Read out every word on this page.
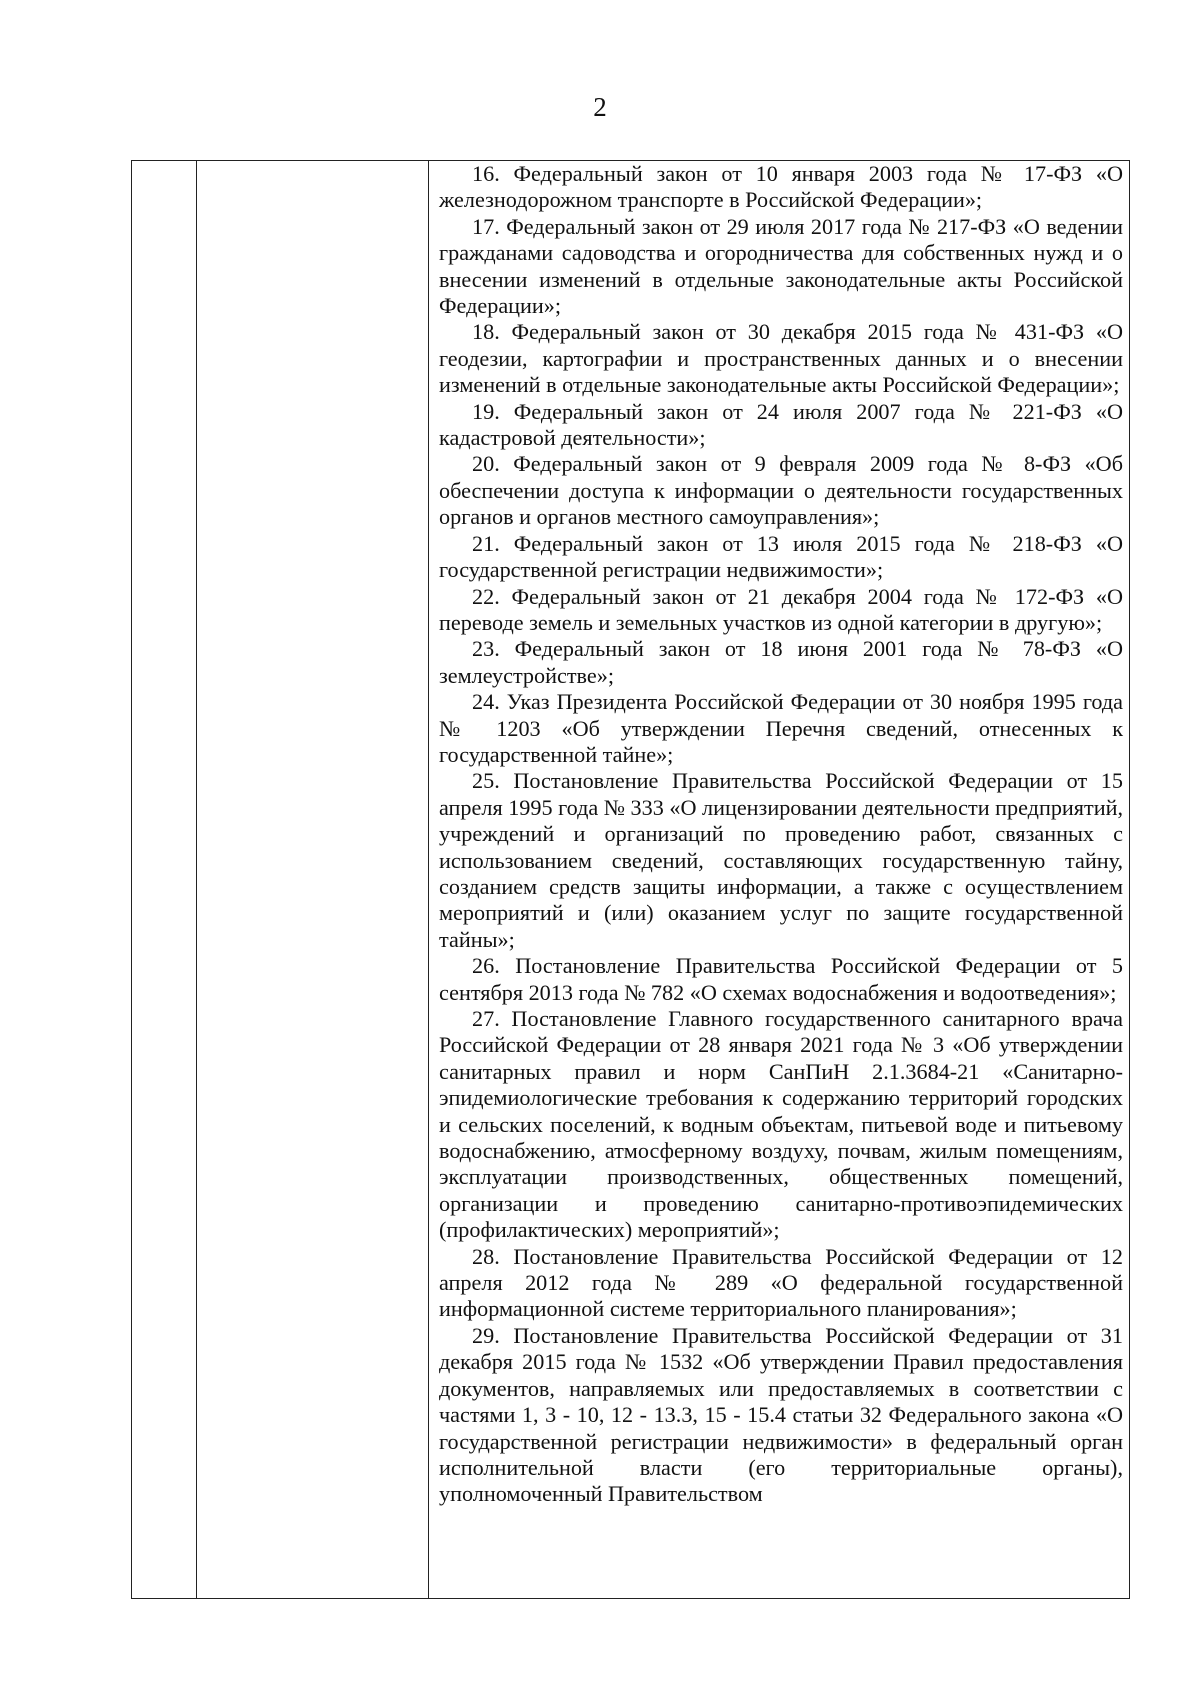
2

16. Федеральный закон от 10 января 2003 года № 17-ФЗ «О железнодорожном транспорте в Российской Федерации»;

17. Федеральный закон от 29 июля 2017 года № 217-ФЗ «О ведении гражданами садоводства и огородничества для собственных нужд и о внесении изменений в отдельные законодательные акты Российской Федерации»;

18. Федеральный закон от 30 декабря 2015 года № 431-ФЗ «О геодезии, картографии и пространственных данных и о внесении изменений в отдельные законодательные акты Российской Федерации»;

19. Федеральный закон от 24 июля 2007 года № 221-ФЗ «О кадастровой деятельности»;

20. Федеральный закон от 9 февраля 2009 года № 8-ФЗ «Об обеспечении доступа к информации о деятельности государственных органов и органов местного самоуправления»;

21. Федеральный закон от 13 июля 2015 года № 218-ФЗ «О государственной регистрации недвижимости»;

22. Федеральный закон от 21 декабря 2004 года № 172-ФЗ «О переводе земель и земельных участков из одной категории в другую»;

23. Федеральный закон от 18 июня 2001 года № 78-ФЗ «О землеустройстве»;

24. Указ Президента Российской Федерации от 30 ноября 1995 года № 1203 «Об утверждении Перечня сведений, отнесенных к государственной тайне»;

25. Постановление Правительства Российской Федерации от 15 апреля 1995 года № 333 «О лицензировании деятельности предприятий, учреждений и организаций по проведению работ, связанных с использованием сведений, составляющих государственную тайну, созданием средств защиты информации, а также с осуществлением мероприятий и (или) оказанием услуг по защите государственной тайны»;

26. Постановление Правительства Российской Федерации от 5 сентября 2013 года № 782 «О схемах водоснабжения и водоотведения»;

27. Постановление Главного государственного санитарного врача Российской Федерации от 28 января 2021 года № 3 «Об утверждении санитарных правил и норм СанПиН 2.1.3684-21 «Санитарно-эпидемиологические требования к содержанию территорий городских и сельских поселений, к водным объектам, питьевой воде и питьевому водоснабжению, атмосферному воздуху, почвам, жилым помещениям, эксплуатации производственных, общественных помещений, организации и проведению санитарно-противоэпидемических (профилактических) мероприятий»;

28. Постановление Правительства Российской Федерации от 12 апреля 2012 года № 289 «О федеральной государственной информационной системе территориального планирования»;

29. Постановление Правительства Российской Федерации от 31 декабря 2015 года № 1532 «Об утверждении Правил предоставления документов, направляемых или предоставляемых в соответствии с частями 1, 3 - 10, 12 - 13.3, 15 - 15.4 статьи 32 Федерального закона «О государственной регистрации недвижимости» в федеральный орган исполнительной власти (его территориальные органы), уполномоченный Правительством
